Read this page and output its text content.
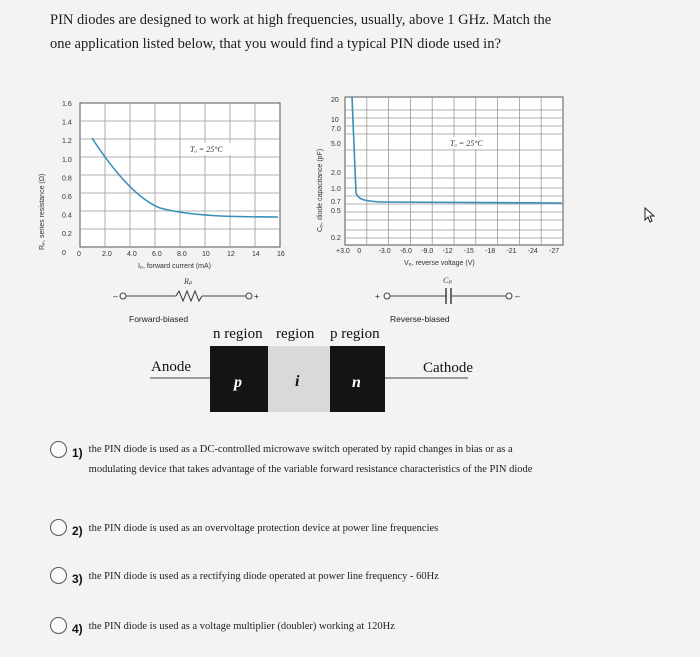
PIN diodes are designed to work at high frequencies, usually, above 1 GHz. Match the one application listed below, that you would find a typical PIN diode used in?
Rₚ, series resistance (Ω)
1.6
1.4
1.2
1.0
0.8
0.6
0.4
0.2
0 0	2.0 4.0 6.0 8.0 10 12 14 16
Iₚ, forward current (mA)
Tₐ = 25°C	Cₚ, diode capacitance (pF)
20
10
7.0
5.0
2.0
1.0
0.7
0.5
0.2
+3.0 0 -3.0 -6.0 -9.0 -12 -15 -18 -21 -24 -27
Vₚ, reverse voltage (V)
Tₐ = 25°C
–	+
Rₚ
Forward-biased
+	–
Cₚ
Reverse-biased
n region region p region
p	i	n
Anode	Cathode
1) the PIN diode is used as a DC-controlled microwave switch operated by rapid changes in bias or as a modulating device that takes advantage of the variable forward resistance characteristics of the PIN diode
2) the PIN diode is used as an overvoltage protection device at power line frequencies
3) the PIN diode is used as a rectifying diode operated at power line frequency - 60Hz
4) the PIN diode is used as a voltage multiplier (doubler) working at 120Hz
